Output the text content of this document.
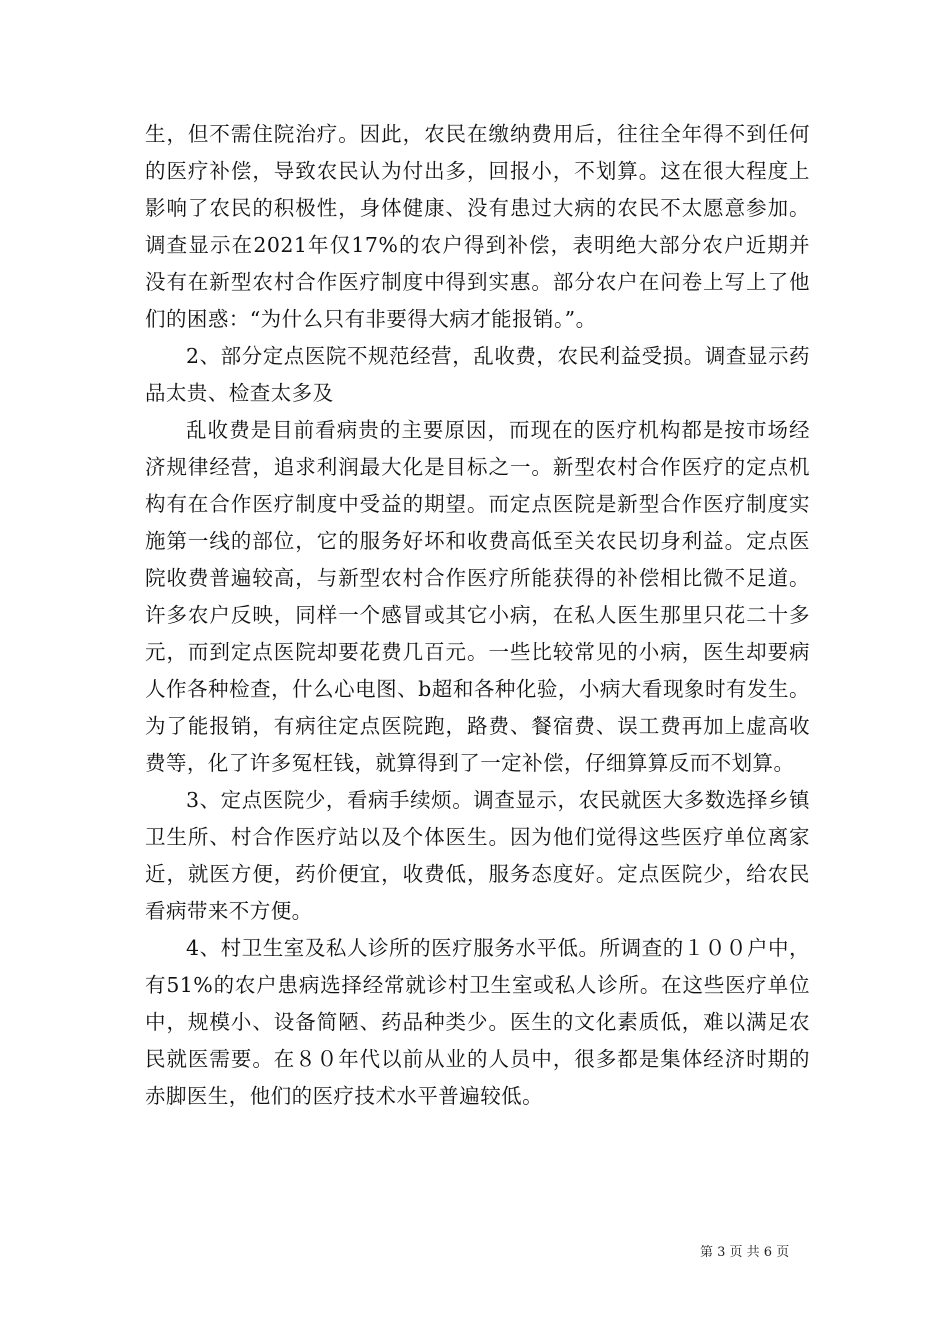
生，但不需住院治疗。因此，农民在缴纳费用后，往往全年得不到任何的医疗补偿，导致农民认为付出多，回报小，不划算。这在很大程度上影响了农民的积极性，身体健康、没有患过大病的农民不太愿意参加。调查显示在2021年仅17%的农户得到补偿，表明绝大部分农户近期并没有在新型农村合作医疗制度中得到实惠。部分农户在问卷上写上了他们的困惑：“为什么只有非要得大病才能报销。”。

2、部分定点医院不规范经营，乱收费，农民利益受损。调查显示药品太贵、检查太多及

乱收费是目前看病贵的主要原因，而现在的医疗机构都是按市场经济规律经营，追求利润最大化是目标之一。新型农村合作医疗的定点机构有在合作医疗制度中受益的期望。而定点医院是新型合作医疗制度实施第一线的部位，它的服务好坏和收费高低至关农民切身利益。定点医院收费普遍较高，与新型农村合作医疗所能获得的补偿相比微不足道。许多农户反映，同样一个感冒或其它小病，在私人医生那里只花二十多元，而到定点医院却要花费几百元。一些比较常见的小病，医生却要病人作各种检查，什么心电图、b超和各种化验，小病大看现象时有发生。为了能报销，有病往定点医院跑，路费、餐宿费、误工费再加上虚高收费等，化了许多冤枉钱，就算得到了一定补偿，仔细算算反而不划算。

3、定点医院少，看病手续烦。调查显示，农民就医大多数选择乡镇卫生所、村合作医疗站以及个体医生。因为他们觉得这些医疗单位离家近，就医方便，药价便宜，收费低，服务态度好。定点医院少，给农民看病带来不方便。

4、村卫生室及私人诊所的医疗服务水平低。所调查的１００户中，有51%的农户患病选择经常就诊村卫生室或私人诊所。在这些医疗单位中，规模小、设备简陋、药品种类少。医生的文化素质低，难以满足农民就医需要。在８０年代以前从业的人员中，很多都是集体经济时期的赤脚医生，他们的医疗技术水平普遍较低。

第 3 页 共 6 页
